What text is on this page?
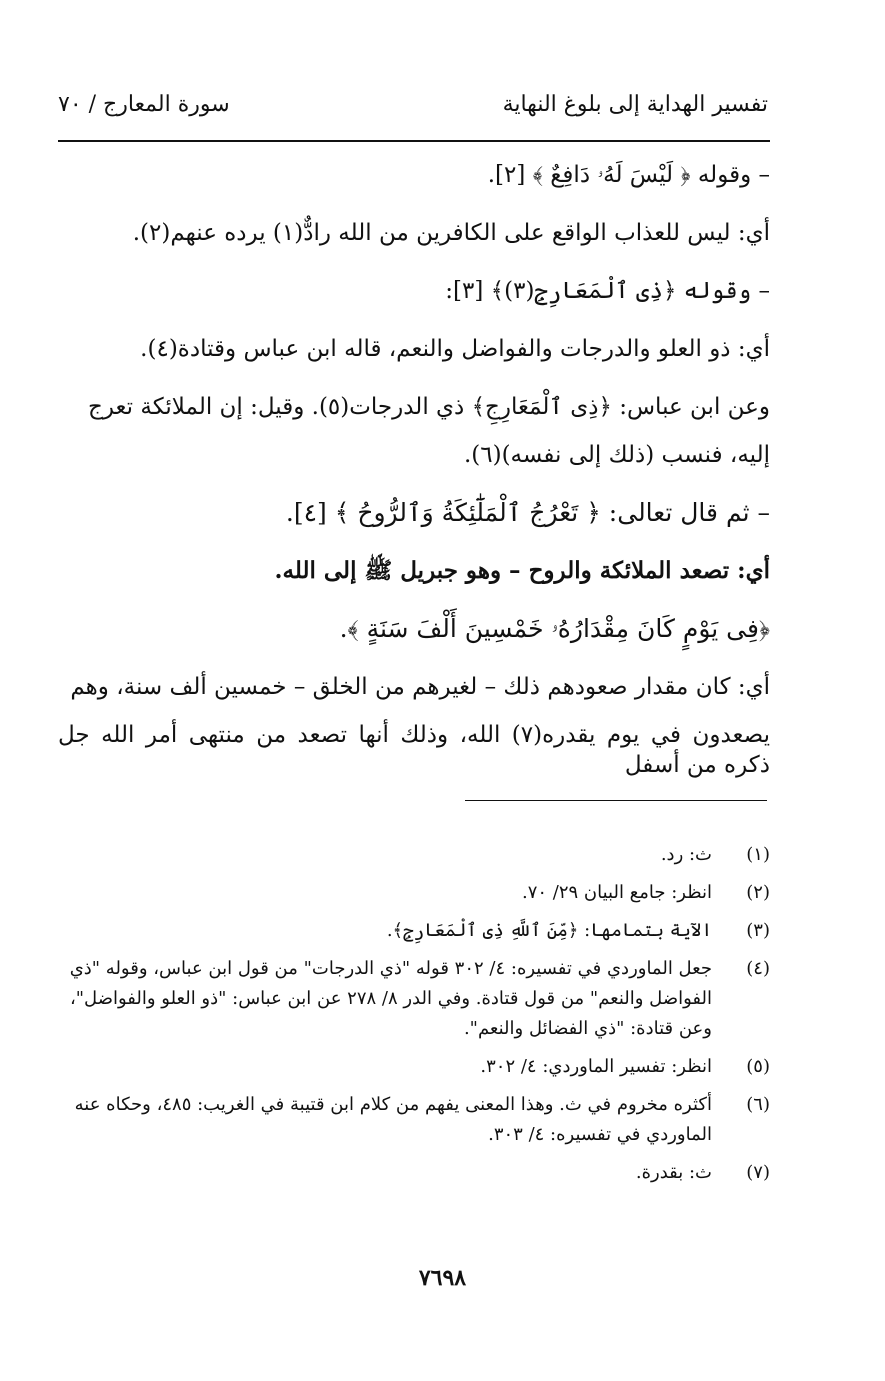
تفسير الهداية إلى بلوغ النهاية
سورة المعارج / ٧٠

– وقوله ﴿ لَيْسَ لَهُۥ دَافِعٌ ﴾ [٢].

أي: ليس للعذاب الواقع على الكافرين من الله رادٌّ(١) يرده عنهم(٢).

– وقوله ﴿ذِى ٱلْمَعَارِجِ(٣)﴾ [٣]:

أي: ذو العلو والدرجات والفواضل والنعم، قاله ابن عباس وقتادة(٤).

وعن ابن عباس: ﴿ذِى ٱلْمَعَارِجِ﴾ ذي الدرجات(٥). وقيل: إن الملائكة تعرج

إليه، فنسب (ذلك إلى نفسه)(٦).

– ثم قال تعالى: ﴿ تَعْرُجُ ٱلْمَلَٰٓئِكَةُ وَٱلرُّوحُ ﴾ [٤].

أي: تصعد الملائكة والروح – وهو جبريل ﷺ إلى الله.

﴿فِى يَوْمٍ كَانَ مِقْدَارُهُۥ خَمْسِينَ أَلْفَ سَنَةٍ ﴾.

أي: كان مقدار صعودهم ذلك – لغيرهم من الخلق – خمسين ألف سنة، وهم

يصعدون في يوم يقدره(٧) الله، وذلك أنها تصعد من منتهى أمر الله جل ذكره من أسفل

(١)
ث: رد.
(٢)
انظر: جامع البيان ٢٩/ ٧٠.
(٣)
الآية بتمامها: ﴿مِّنَ ٱللَّهِ ذِى ٱلْمَعَارِجِ﴾.
(٤)
جعل الماوردي في تفسيره: ٤/ ٣٠٢ قوله "ذي الدرجات" من قول ابن عباس، وقوله "ذي الفواضل والنعم" من قول قتادة. وفي الدر ٨/ ٢٧٨ عن ابن عباس: "ذو العلو والفواضل"، وعن قتادة: "ذي الفضائل والنعم".
(٥)
انظر: تفسير الماوردي: ٤/ ٣٠٢.
(٦)
أكثره مخروم في ث. وهذا المعنى يفهم من كلام ابن قتيبة في الغريب: ٤٨٥، وحكاه عنه الماوردي في تفسيره: ٤/ ٣٠٣.
(٧)
ث: بقدرة.
٧٦٩٨
